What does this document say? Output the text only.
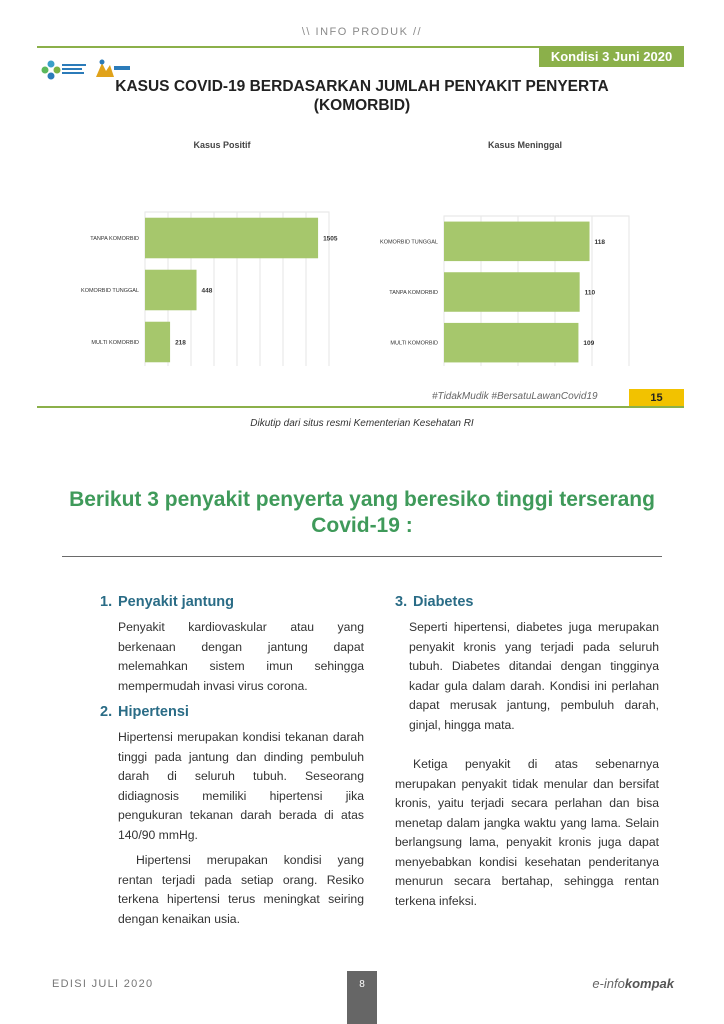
\\ INFO PRODUK //
Kondisi 3 Juni 2020
KASUS COVID-19 BERDASARKAN JUMLAH PENYAKIT PENYERTA
(KOMORBID)
Kasus Positif
1505
TANPA KOMORBID
448
KOMORBID TUNGGAL
218
MULTI KOMORBID
Kasus Meninggal
118
KOMORBID TUNGGAL
110
TANPA KOMORBID
109
MULTI KOMORBID
#TidakMudik #BersatuLawanCovid19	15
Dikutip dari situs resmi Kementerian Kesehatan RI
Berikut 3 penyakit penyerta yang beresiko tinggi terserang Covid-19 :
1. Penyakit jantung
Penyakit kardiovaskular atau yang berkenaan dengan jantung dapat melemahkan sistem imun sehingga mempermudah invasi virus corona.
2. Hipertensi
Hipertensi merupakan kondisi tekanan darah tinggi pada jantung dan dinding pembuluh darah di seluruh tubuh. Seseorang didiagnosis memiliki hipertensi jika pengukuran tekanan darah berada di atas 140/90 mmHg.
Hipertensi merupakan kondisi yang rentan terjadi pada setiap orang. Resiko terkena hipertensi terus meningkat seiring dengan kenaikan usia.
3. Diabetes
Seperti hipertensi, diabetes juga merupakan penyakit kronis yang terjadi pada seluruh tubuh. Diabetes ditandai dengan tingginya kadar gula dalam darah. Kondisi ini perlahan dapat merusak jantung, pembuluh darah, ginjal, hingga mata.
Ketiga penyakit di atas sebenarnya merupakan penyakit tidak menular dan bersifat kronis, yaitu terjadi secara perlahan dan bisa menetap dalam jangka waktu yang lama. Selain berlangsung lama, penyakit kronis juga dapat menyebabkan kondisi kesehatan penderitanya menurun secara bertahap, sehingga rentan terkena infeksi.
EDISI JULI 2020	8	e-infokompak
